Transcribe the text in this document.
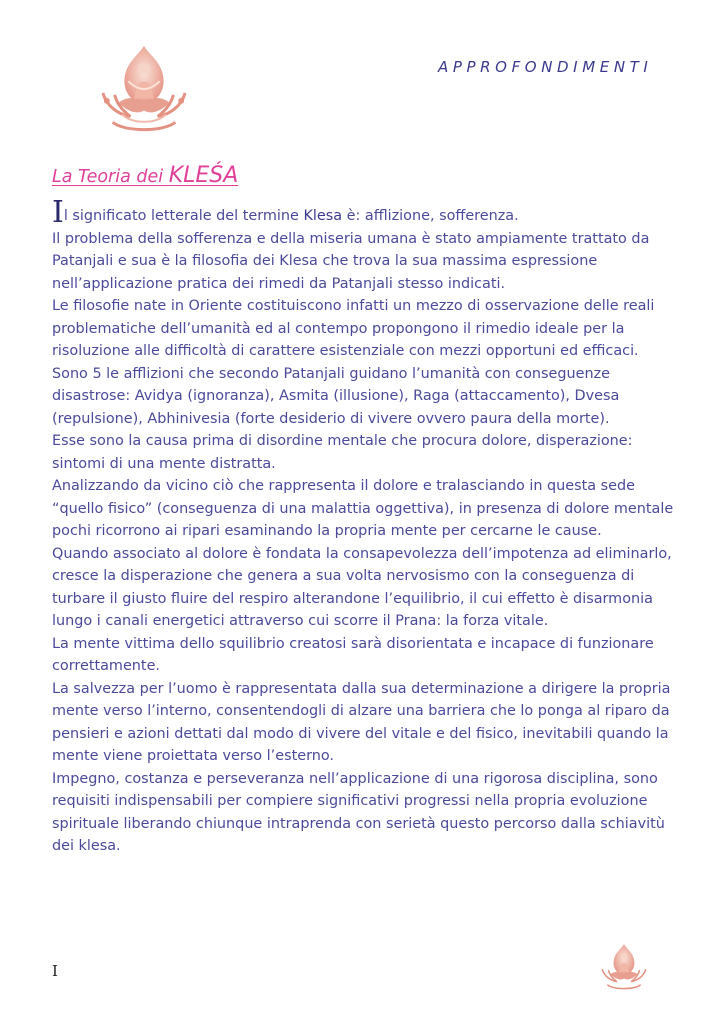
APPROFONDIMENTI
La Teoria dei KLEŚA

Il significato letterale del termine Klesa è: afflizione, sofferenza.

Il problema della sofferenza e della miseria umana è stato ampiamente trattato da Patanjali e sua è la filosofia dei Klesa che trova la sua massima espressione nell’applicazione pratica dei rimedi da Patanjali stesso indicati.

Le filosofie nate in Oriente costituiscono infatti un mezzo di osservazione delle reali problematiche dell’umanità ed al contempo propongono il rimedio ideale per la risoluzione alle difficoltà di carattere esistenziale con mezzi opportuni ed efficaci.

Sono 5 le afflizioni che secondo Patanjali guidano l’umanità con conseguenze disastrose: Avidya (ignoranza), Asmita (illusione), Raga (attaccamento), Dvesa (repulsione), Abhinivesia (forte desiderio di vivere ovvero paura della morte).

Esse sono la causa prima di disordine mentale che procura dolore, disperazione: sintomi di una mente distratta.

Analizzando da vicino ciò che rappresenta il dolore e tralasciando in questa sede “quello fisico” (conseguenza di una malattia oggettiva), in presenza di dolore mentale pochi ricorrono ai ripari esaminando la propria mente per cercarne le cause.

Quando associato al dolore è fondata la consapevolezza dell’impotenza ad eliminarlo, cresce la disperazione che genera a sua volta nervosismo con la conseguenza di turbare il giusto fluire del respiro alterandone l’equilibrio, il cui effetto è disarmonia lungo i canali energetici attraverso cui scorre il Prana: la forza vitale.

La mente vittima dello squilibrio creatosi sarà disorientata e incapace di funzionare correttamente.

La salvezza per l’uomo è rappresentata dalla sua determinazione a dirigere la propria mente verso l’interno, consentendogli di alzare una barriera che lo ponga al riparo da pensieri e azioni dettati dal modo di vivere del vitale e del fisico, inevitabili quando la mente viene proiettata verso l’esterno.

Impegno, costanza e perseveranza nell’applicazione di una rigorosa disciplina, sono requisiti indispensabili per compiere significativi progressi nella propria evoluzione spirituale liberando chiunque intraprenda con serietà questo percorso dalla schiavitù dei klesa.

I
